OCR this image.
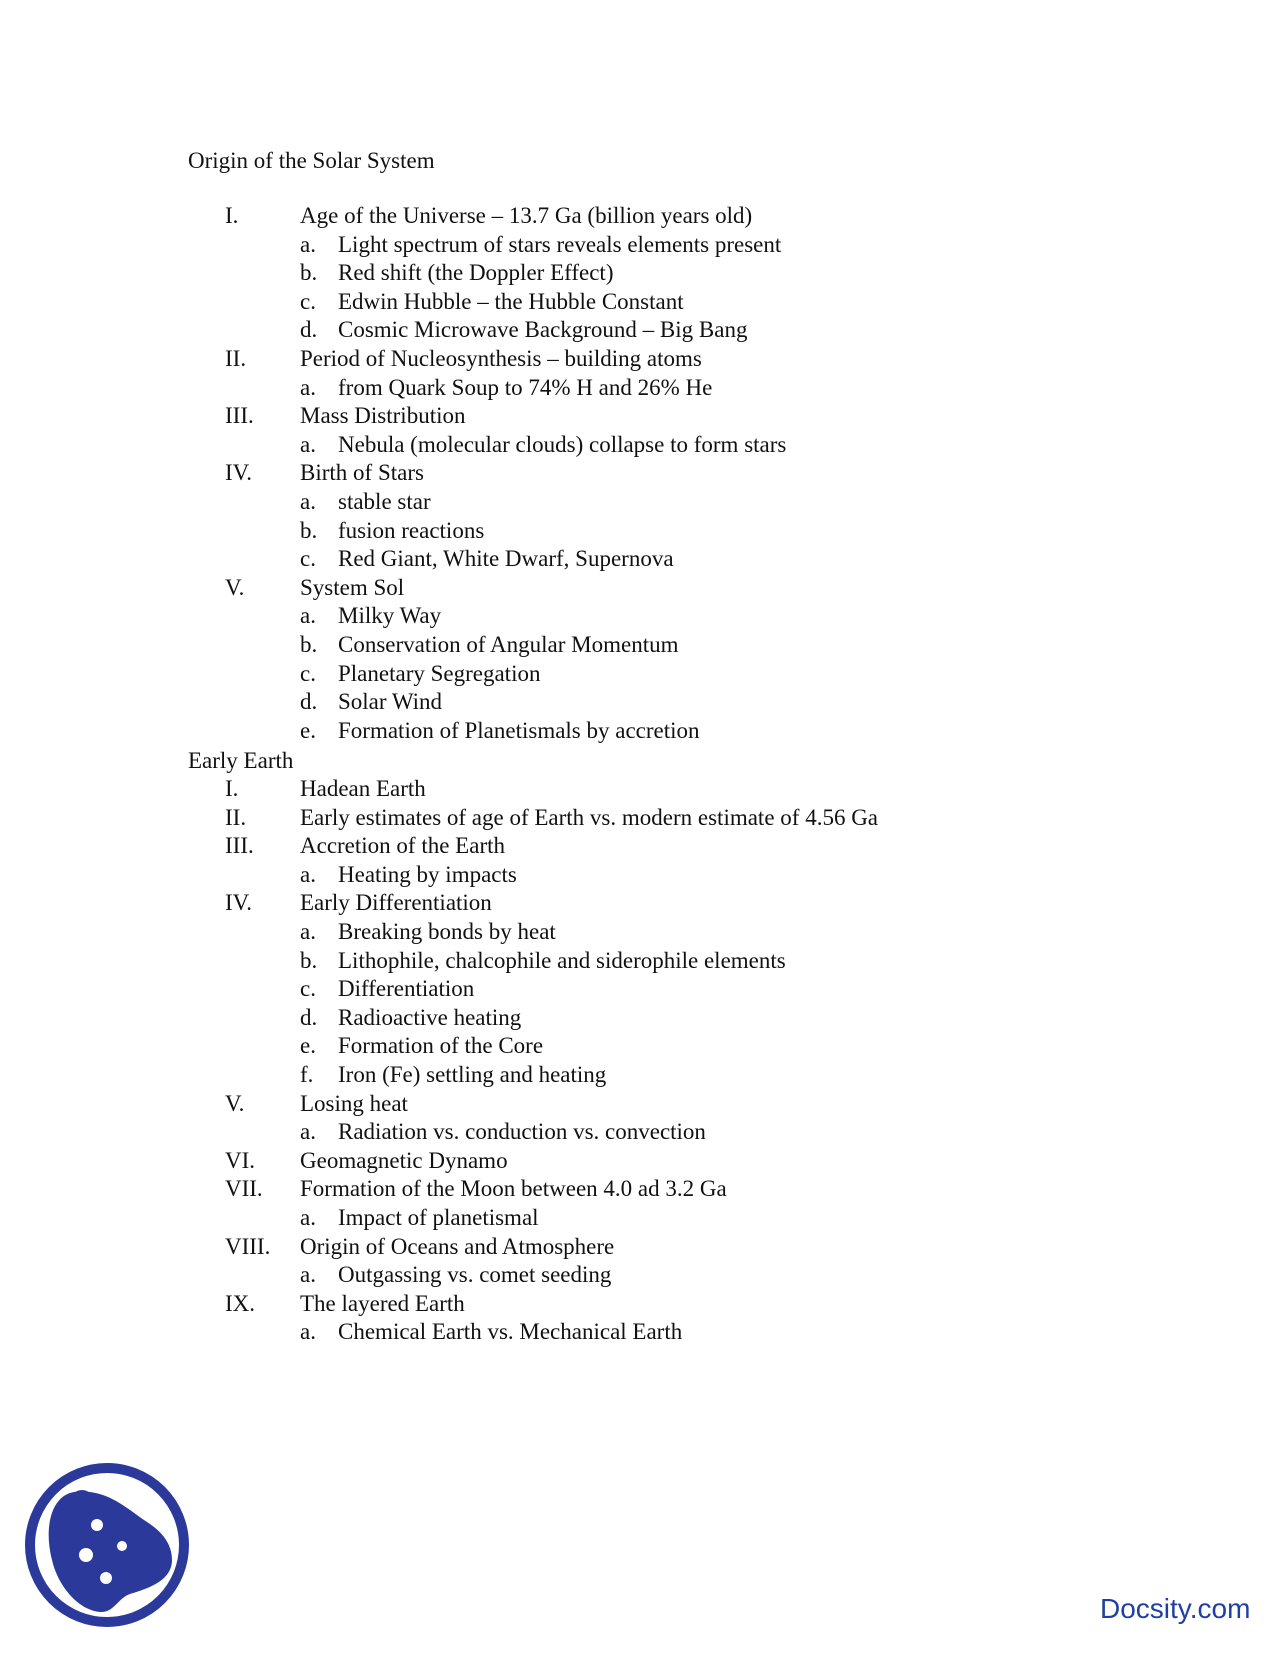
Origin of the Solar System
I.	Age of the Universe – 13.7 Ga (billion years old)
a. Light spectrum of stars reveals elements present
b. Red shift (the Doppler Effect)
c. Edwin Hubble – the Hubble Constant
d. Cosmic Microwave Background – Big Bang
II. Period of Nucleosynthesis – building atoms
a. from Quark Soup to 74% H and 26% He
III. Mass Distribution
a. Nebula (molecular clouds) collapse to form stars
IV. Birth of Stars
a. stable star
b. fusion reactions
c. Red Giant, White Dwarf, Supernova
V. System Sol
a. Milky Way
b. Conservation of Angular Momentum
c. Planetary Segregation
d. Solar Wind
e. Formation of Planetismals by accretion
Early Earth
I.	Hadean Earth
II. Early estimates of age of Earth vs. modern estimate of 4.56 Ga
III. Accretion of the Earth
a. Heating by impacts
IV. Early Differentiation
a. Breaking bonds by heat
b. Lithophile, chalcophile and siderophile elements
c. Differentiation
d. Radioactive heating
e. Formation of the Core
f. Iron (Fe) settling and heating
V. Losing heat
a. Radiation vs. conduction vs. convection
VI. Geomagnetic Dynamo
VII. Formation of the Moon between 4.0 ad 3.2 Ga
a. Impact of planetismal
VIII. Origin of Oceans and Atmosphere
a. Outgassing vs. comet seeding
IX. The layered Earth
a. Chemical Earth vs. Mechanical Earth
Docsity.com
